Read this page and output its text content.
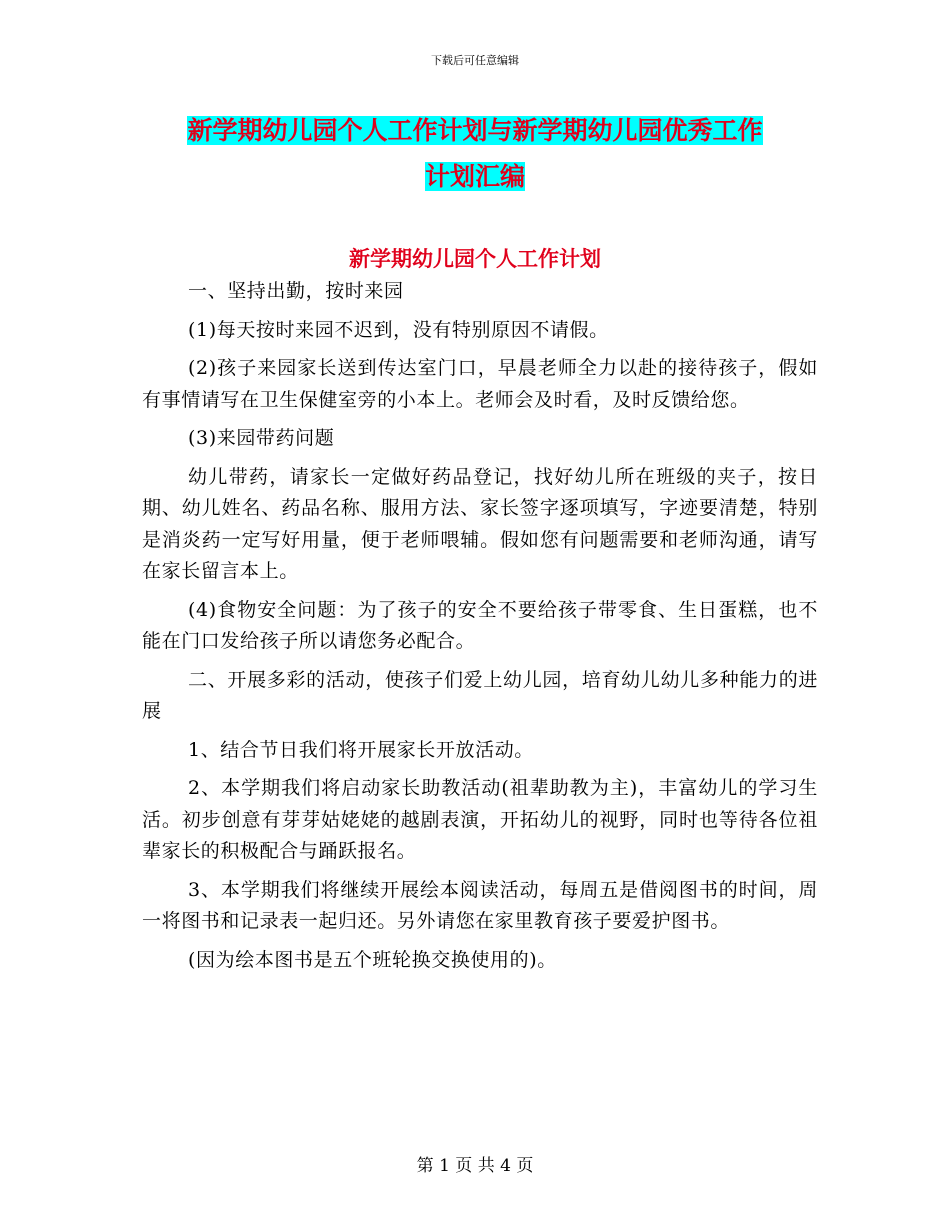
下载后可任意编辑
新学期幼儿园个人工作计划与新学期幼儿园优秀工作
计划汇编
新学期幼儿园个人工作计划

一、坚持出勤，按时来园

(1)每天按时来园不迟到，没有特别原因不请假。

(2)孩子来园家长送到传达室门口，早晨老师全力以赴的接待孩子，假如有事情请写在卫生保健室旁的小本上。老师会及时看，及时反馈给您。

(3)来园带药问题

幼儿带药，请家长一定做好药品登记，找好幼儿所在班级的夹子，按日期、幼儿姓名、药品名称、服用方法、家长签字逐项填写，字迹要清楚，特别是消炎药一定写好用量，便于老师喂辅。假如您有问题需要和老师沟通，请写在家长留言本上。

(4)食物安全问题：为了孩子的安全不要给孩子带零食、生日蛋糕，也不能在门口发给孩子所以请您务必配合。

二、开展多彩的活动，使孩子们爱上幼儿园，培育幼儿幼儿多种能力的进展

1、结合节日我们将开展家长开放活动。

2、本学期我们将启动家长助教活动(祖辈助教为主)，丰富幼儿的学习生活。初步创意有芽芽姑姥姥的越剧表演，开拓幼儿的视野，同时也等待各位祖辈家长的积极配合与踊跃报名。

3、本学期我们将继续开展绘本阅读活动，每周五是借阅图书的时间，周一将图书和记录表一起归还。另外请您在家里教育孩子要爱护图书。

(因为绘本图书是五个班轮换交换使用的)。

第 1 页 共 4 页
